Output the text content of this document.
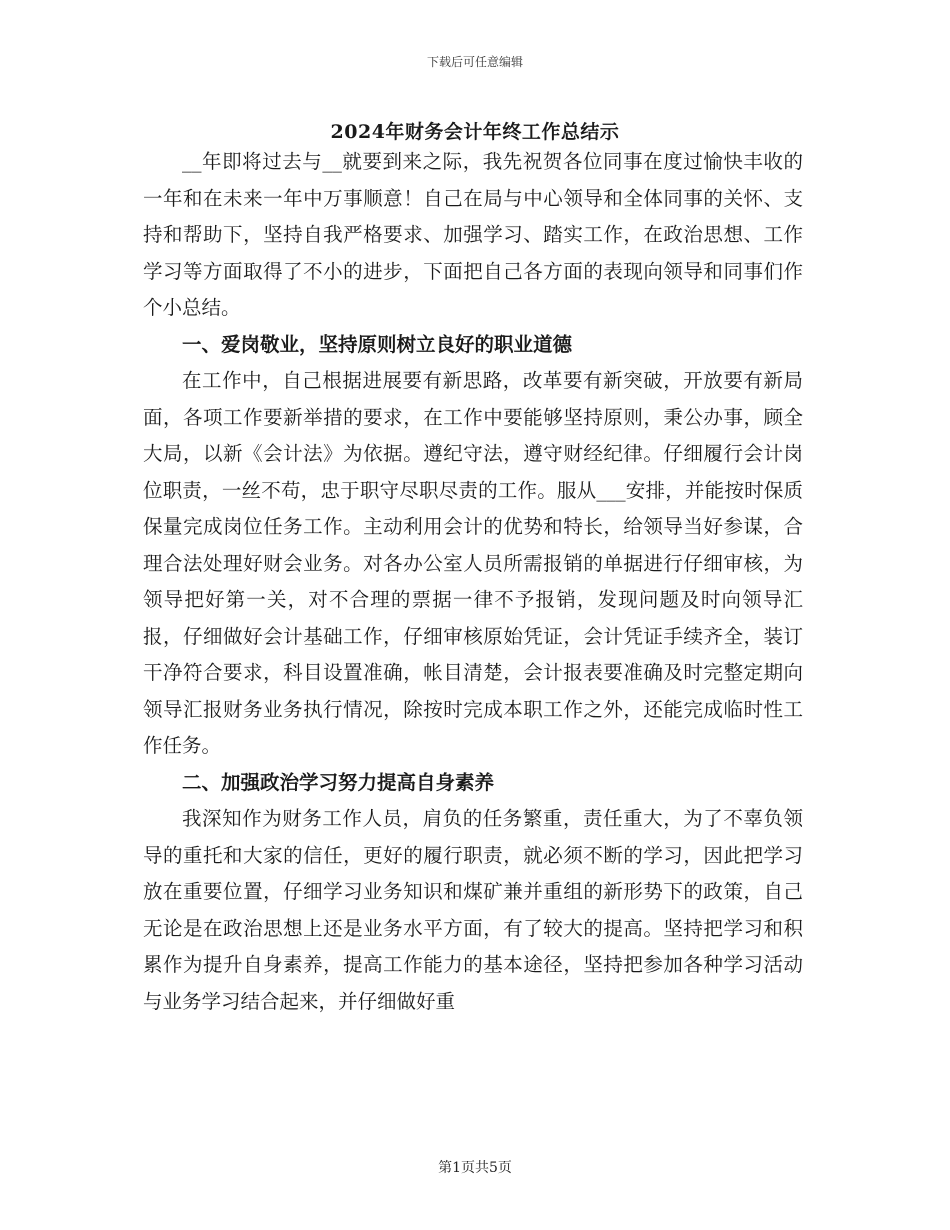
下载后可任意编辑
2024年财务会计年终工作总结示

__年即将过去与__就要到来之际，我先祝贺各位同事在度过愉快丰收的一年和在未来一年中万事顺意！自己在局与中心领导和全体同事的关怀、支持和帮助下，坚持自我严格要求、加强学习、踏实工作，在政治思想、工作学习等方面取得了不小的进步，下面把自己各方面的表现向领导和同事们作个小总结。

一、爱岗敬业，坚持原则树立良好的职业道德

在工作中，自己根据进展要有新思路，改革要有新突破，开放要有新局面，各项工作要新举措的要求，在工作中要能够坚持原则，秉公办事，顾全大局，以新《会计法》为依据。遵纪守法，遵守财经纪律。仔细履行会计岗位职责，一丝不苟，忠于职守尽职尽责的工作。服从___安排，并能按时保质保量完成岗位任务工作。主动利用会计的优势和特长，给领导当好参谋，合理合法处理好财会业务。对各办公室人员所需报销的单据进行仔细审核，为领导把好第一关，对不合理的票据一律不予报销，发现问题及时向领导汇报，仔细做好会计基础工作，仔细审核原始凭证，会计凭证手续齐全，装订干净符合要求，科目设置准确，帐目清楚，会计报表要准确及时完整定期向领导汇报财务业务执行情况，除按时完成本职工作之外，还能完成临时性工作任务。

二、加强政治学习努力提高自身素养

我深知作为财务工作人员，肩负的任务繁重，责任重大，为了不辜负领导的重托和大家的信任，更好的履行职责，就必须不断的学习，因此把学习放在重要位置，仔细学习业务知识和煤矿兼并重组的新形势下的政策，自己无论是在政治思想上还是业务水平方面，有了较大的提高。坚持把学习和积累作为提升自身素养，提高工作能力的基本途径，坚持把参加各种学习活动与业务学习结合起来，并仔细做好重

第1页共5页
